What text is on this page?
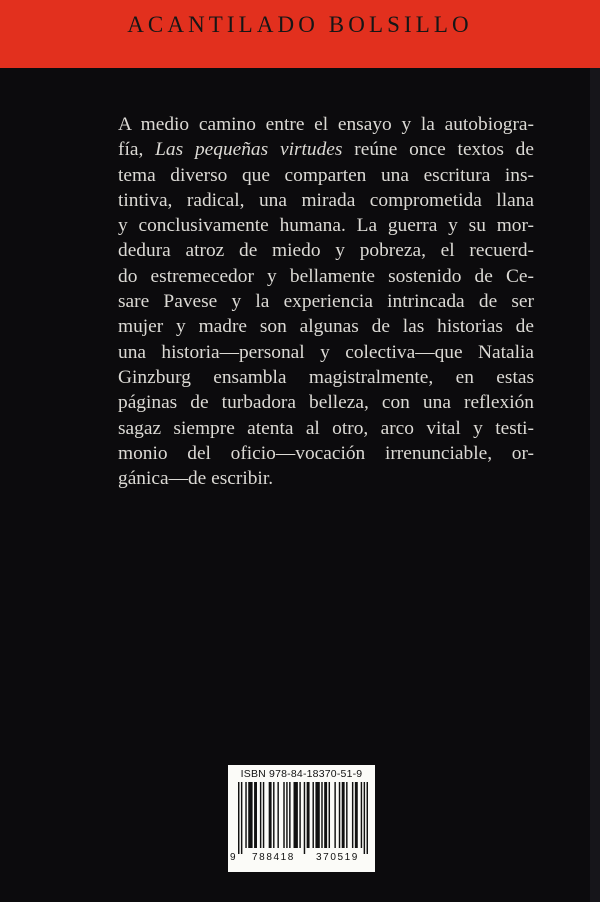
ACANTILADO BOLSILLO
A medio camino entre el ensayo y la autobiogra-
fía, Las pequeñas virtudes reúne once textos de
tema diverso que comparten una escritura ins-
tintiva, radical, una mirada comprometida llana
y conclusivamente humana. La guerra y su mor-
dedura atroz de miedo y pobreza, el recuerd-
do estremecedor y bellamente sostenido de Ce-
sare Pavese y la experiencia intrincada de ser
mujer y madre son algunas de las historias de
una historia—personal y colectiva—que Natalia
Ginzburg ensambla magistralmente, en estas
páginas de turbadora belleza, con una reflexión
sagaz siempre atenta al otro, arco vital y testi-
monio del oficio—vocación irrenunciable, or-
gánica—de escribir.
ISBN 978-84-18370-51-9
9 788418 370519
